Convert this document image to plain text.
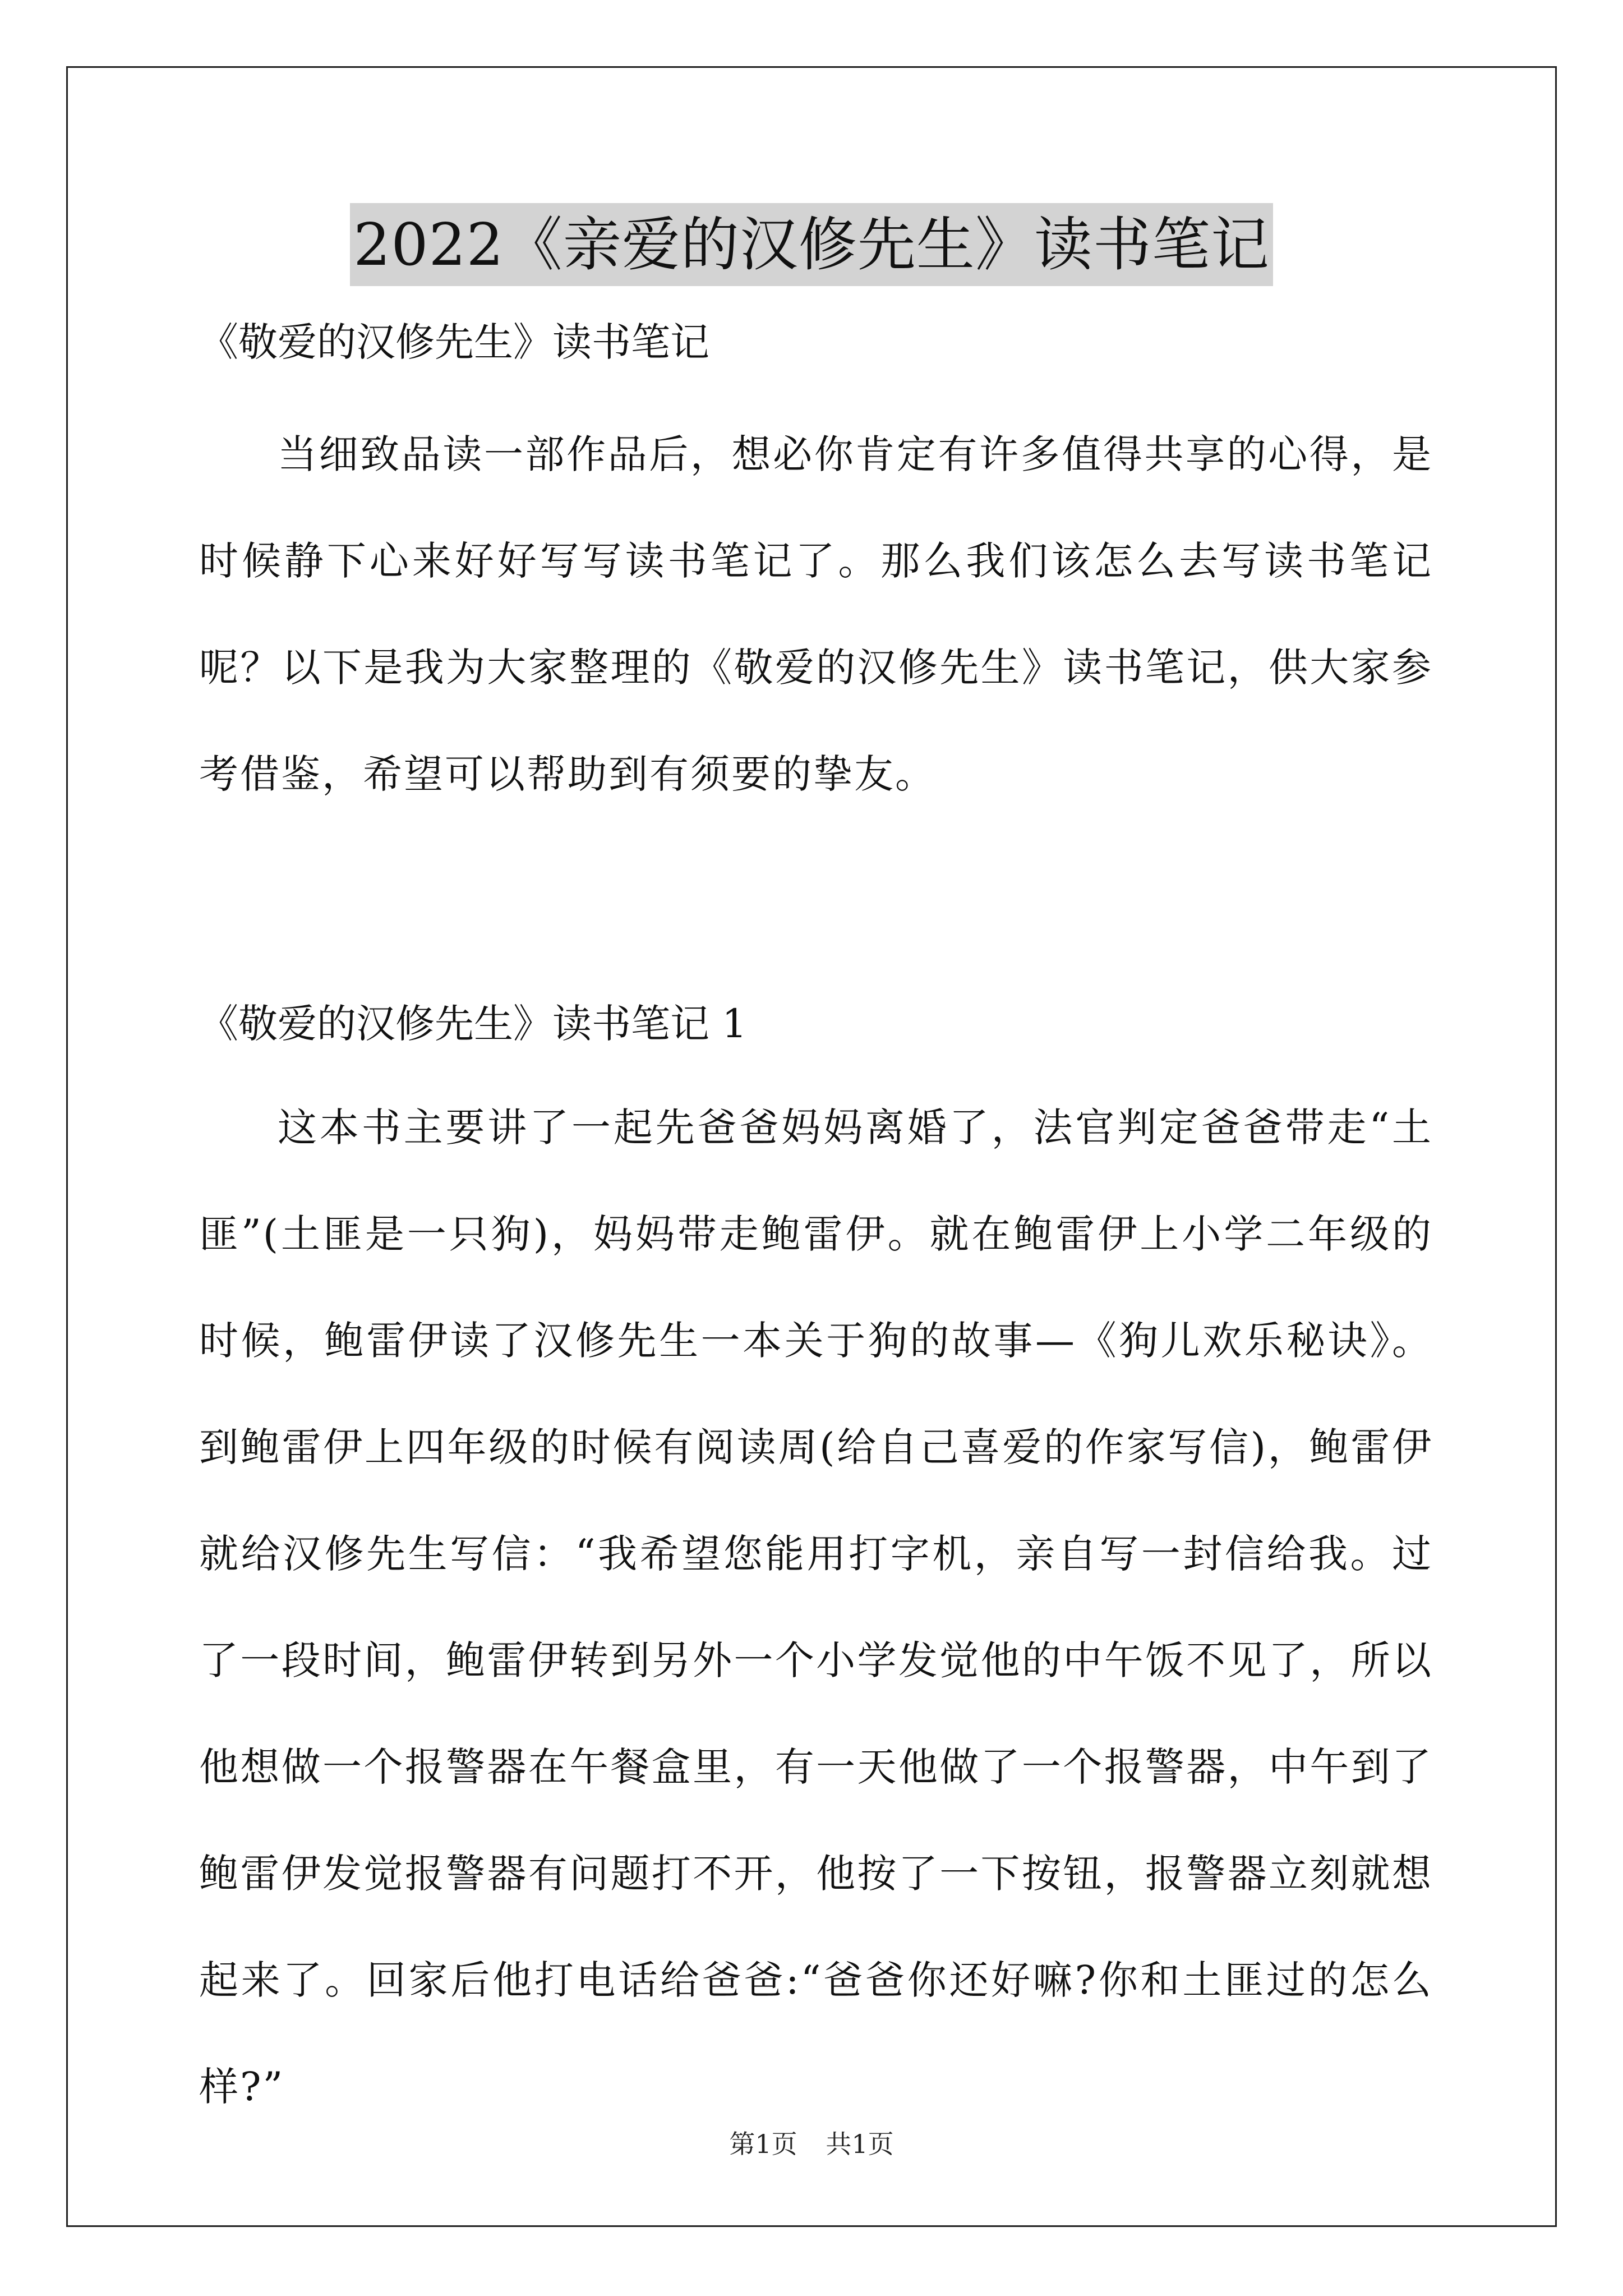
2022《亲爱的汉修先生》读书笔记

《敬爱的汉修先生》读书笔记

当细致品读一部作品后，想必你肯定有许多值得共享的心得，是时候静下心来好好写写读书笔记了。那么我们该怎么去写读书笔记呢？以下是我为大家整理的《敬爱的汉修先生》读书笔记，供大家参考借鉴，希望可以帮助到有须要的挚友。

《敬爱的汉修先生》读书笔记 1

这本书主要讲了一起先爸爸妈妈离婚了，法官判定爸爸带走“土匪”(土匪是一只狗)，妈妈带走鲍雷伊。就在鲍雷伊上小学二年级的时候，鲍雷伊读了汉修先生一本关于狗的故事—《狗儿欢乐秘诀》。到鲍雷伊上四年级的时候有阅读周(给自己喜爱的作家写信)，鲍雷伊就给汉修先生写信：“我希望您能用打字机，亲自写一封信给我。过了一段时间，鲍雷伊转到另外一个小学发觉他的中午饭不见了，所以他想做一个报警器在午餐盒里，有一天他做了一个报警器，中午到了鲍雷伊发觉报警器有问题打不开，他按了一下按钮，报警器立刻就想起来了。回家后他打电话给爸爸:“爸爸你还好嘛?你和土匪过的怎么样?”

第1页 共1页
